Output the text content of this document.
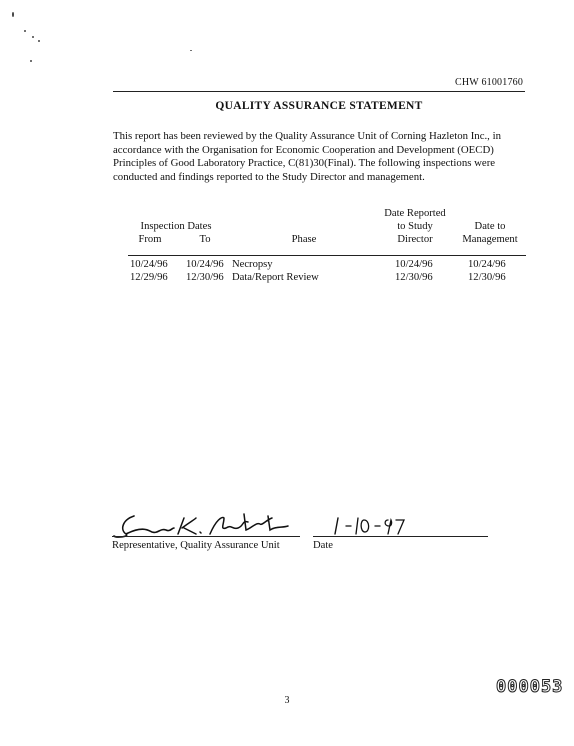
CHW 61001760
QUALITY ASSURANCE STATEMENT
This report has been reviewed by the Quality Assurance Unit of Corning Hazleton Inc., in
accordance with the Organisation for Economic Cooperation and Development (OECD)
Principles of Good Laboratory Practice, C(81)30(Final). The following inspections were
conducted and findings reported to the Study Director and management.
Inspection Dates
From	To	Phase
Date Reported
to Study
Director
Date to
Management
10/24/96 10/24/96 Necropsy	10/24/96	10/24/96
12/29/96 12/30/96 Data/Report Review	12/30/96	12/30/96
Representative, Quality Assurance Unit	Date
3
000053
